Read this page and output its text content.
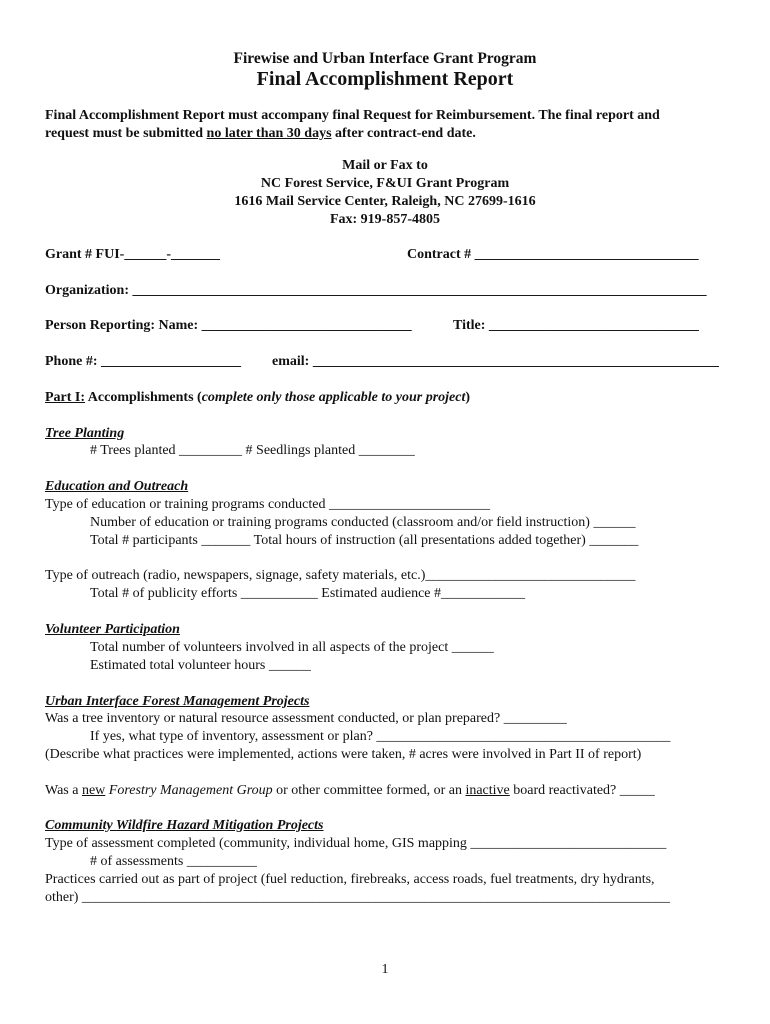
Firewise and Urban Interface Grant Program
Final Accomplishment Report
Final Accomplishment Report must accompany final Request for Reimbursement. The final report and
request must be submitted no later than 30 days after contract-end date.
Mail or Fax to
NC Forest Service, F&UI Grant Program
1616 Mail Service Center, Raleigh, NC 27699-1616
Fax: 919-857-4805
Grant # FUI-______-_______	Contract # ________________________________
Organization: __________________________________________________________________________________
Person Reporting: Name: ______________________________	Title: ______________________________
Phone #: ____________________ email: __________________________________________________________
Part I: Accomplishments (complete only those applicable to your project)
Tree Planting
# Trees planted _________ # Seedlings planted ________
Education and Outreach
Type of education or training programs conducted _______________________
Number of education or training programs conducted (classroom and/or field instruction) ______
Total # participants _______ Total hours of instruction (all presentations added together) _______
Type of outreach (radio, newspapers, signage, safety materials, etc.)______________________________
Total # of publicity efforts ___________ Estimated audience #____________
Volunteer Participation
Total number of volunteers involved in all aspects of the project ______
Estimated total volunteer hours ______
Urban Interface Forest Management Projects
Was a tree inventory or natural resource assessment conducted, or plan prepared? _________
If yes, what type of inventory, assessment or plan? __________________________________________
(Describe what practices were implemented, actions were taken, # acres were involved in Part II of report)
Was a new Forestry Management Group or other committee formed, or an inactive board reactivated? _____
Community Wildfire Hazard Mitigation Projects
Type of assessment completed (community, individual home, GIS mapping ____________________________
# of assessments __________
Practices carried out as part of project (fuel reduction, firebreaks, access roads, fuel treatments, dry hydrants,
other) ____________________________________________________________________________________
1
